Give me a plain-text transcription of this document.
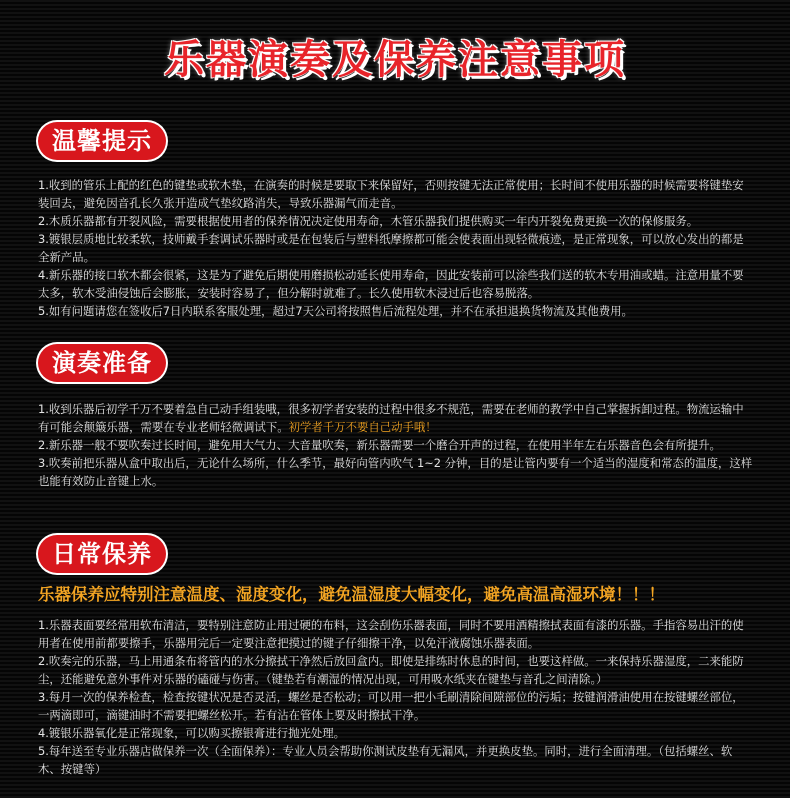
乐器演奏及保养注意事项
温馨提示

1.收到的管乐上配的红色的键垫或软木垫，在演奏的时候是要取下来保留好，否则按键无法正常使用；长时间不使用乐器的时候需要将键垫安装回去，避免因音孔长久张开造成气垫纹路消失，导致乐器漏气而走音。

2.木质乐器都有开裂风险，需要根据使用者的保养情况决定使用寿命，木管乐器我们提供购买一年内开裂免费更换一次的保修服务。

3.镀银层质地比较柔软，技师戴手套调试乐器时或是在包装后与塑料纸摩擦都可能会使表面出现轻微痕迹，是正常现象，可以放心发出的都是全新产品。

4.新乐器的接口软木都会很紧，这是为了避免后期使用磨损松动延长使用寿命，因此安装前可以涂些我们送的软木专用油或蜡。注意用量不要太多，软木受油侵蚀后会膨胀，安装时容易了，但分解时就难了。长久使用软木浸过后也容易脱落。

5.如有问题请您在签收后7日内联系客服处理，超过7天公司将按照售后流程处理，并不在承担退换货物流及其他费用。

演奏准备

1.收到乐器后初学千万不要着急自己动手组装哦，很多初学者安装的过程中很多不规范，需要在老师的教学中自己掌握拆卸过程。物流运输中有可能会颠簸乐器，需要在专业老师轻微调试下。初学者千万不要自己动手哦！

2.新乐器一般不要吹奏过长时间，避免用大气力、大音量吹奏，新乐器需要一个磨合开声的过程，在使用半年左右乐器音色会有所提升。

3.吹奏前把乐器从盒中取出后，无论什么场所，什么季节，最好向管内吹气 1~2 分钟，目的是让管内要有一个适当的湿度和常态的温度，这样也能有效防止音键上水。

日常保养
乐器保养应特别注意温度、湿度变化，避免温湿度大幅变化，避免高温高湿环境！！！

1.乐器表面要经常用软布清洁，要特别注意防止用过硬的布料，这会刮伤乐器表面，同时不要用酒精擦拭表面有漆的乐器。手指容易出汗的使用者在使用前都要擦手，乐器用完后一定要注意把摸过的键子仔细擦干净，以免汗液腐蚀乐器表面。

2.吹奏完的乐器，马上用通条布将管内的水分擦拭干净然后放回盒内。即使是排练时休息的时间，也要这样做。一来保持乐器湿度，二来能防尘，还能避免意外事件对乐器的磕碰与伤害。（键垫若有潮湿的情况出现，可用吸水纸夹在键垫与音孔之间清除。）

3.每月一次的保养检查，检查按键状况是否灵活，螺丝是否松动；可以用一把小毛刷清除间隙部位的污垢；按键润滑油使用在按键螺丝部位，一两滴即可，滴键油时不需要把螺丝松开。若有沾在管体上要及时擦拭干净。

4.镀银乐器氧化是正常现象，可以购买擦银膏进行抛光处理。

5.每年送至专业乐器店做保养一次（全面保养）：专业人员会帮助你测试皮垫有无漏风，并更换皮垫。同时，进行全面清理。（包括螺丝、软木、按键等）
